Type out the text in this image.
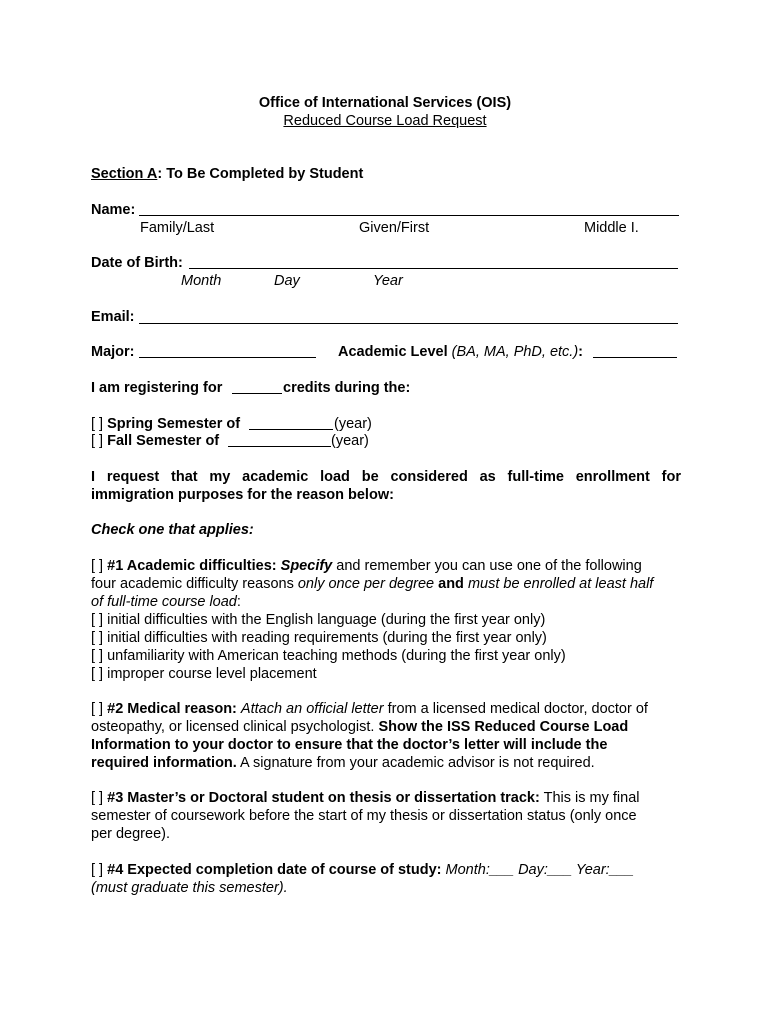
Office of International Services (OIS)
Reduced Course Load Request
Section A: To Be Completed by Student
Name:
Family/Last	Given/First	Middle I.
Date of Birth:
Month	Day	Year
Email:
Major:	Academic Level (BA, MA, PhD, etc.):
I am registering for	credits during the:
[ ] Spring Semester of	(year)
[ ] Fall Semester of	(year)
I request that my academic load be considered as full-time enrollment for
immigration purposes for the reason below:
Check one that applies:
[ ] #1 Academic difficulties: Specify and remember you can use one of the following
four academic difficulty reasons only once per degree and must be enrolled at least half
of full-time course load:
[ ] initial difficulties with the English language (during the first year only)
[ ] initial difficulties with reading requirements (during the first year only)
[ ] unfamiliarity with American teaching methods (during the first year only)
[ ] improper course level placement
[ ] #2 Medical reason: Attach an official letter from a licensed medical doctor, doctor of
osteopathy, or licensed clinical psychologist. Show the ISS Reduced Course Load
Information to your doctor to ensure that the doctor’s letter will include the
required information. A signature from your academic advisor is not required.
[ ] #3 Master’s or Doctoral student on thesis or dissertation track: This is my final
semester of coursework before the start of my thesis or dissertation status (only once
per degree).
[ ] #4 Expected completion date of course of study: Month:___ Day:___ Year:___
(must graduate this semester).
